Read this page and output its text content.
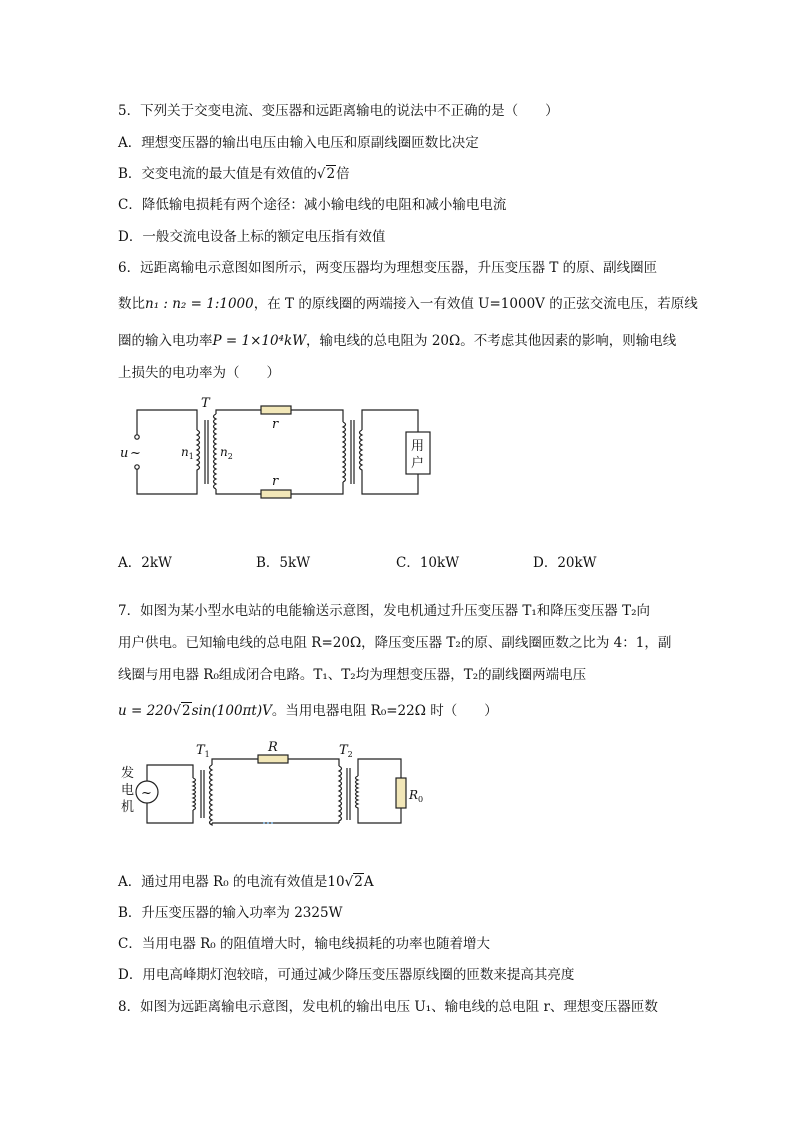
5．下列关于交变电流、变压器和远距离输电的说法中不正确的是（　　）
A．理想变压器的输出电压由输入电压和原副线圈匝数比决定
B．交变电流的最大值是有效值的√2倍
C．降低输电损耗有两个途径：减小输电线的电阻和减小输电电流
D．一般交流电设备上标的额定电压指有效值
6．远距离输电示意图如图所示，两变压器均为理想变压器，升压变压器 T 的原、副线圈匝
数比n₁ : n₂ = 1:1000，在 T 的原线圈的两端接入一有效值 U=1000V 的正弦交流电压，若原线
圈的输入电功率P = 1×10⁴kW，输电线的总电阻为 20Ω。不考虑其他因素的影响，则输电线
上损失的电功率为（　　）
T
u ~	$n_1$ $n_2$
r
r
用
户
A．2kW	B．5kW	C．10kW	D．20kW
7．如图为某小型水电站的电能输送示意图，发电机通过升压变压器 T₁和降压变压器 T₂向
用户供电。已知输电线的总电阻 R=20Ω，降压变压器 T₂的原、副线圈匝数之比为 4：1，副
线圈与用电器 R₀组成闭合电路。T₁、T₂均为理想变压器，T₂的副线圈两端电压
u = 220√2sin(100πt)V。当用电器电阻 R₀=22Ω 时（　　）
~
发
电
机
$T_1$	R	$T_2$
$R_0$
A．通过用电器 R₀ 的电流有效值是10√2A
B．升压变压器的输入功率为 2325W
C．当用电器 R₀ 的阻值增大时，输电线损耗的功率也随着增大
D．用电高峰期灯泡较暗，可通过减少降压变压器原线圈的匝数来提高其亮度
8．如图为远距离输电示意图，发电机的输出电压 U₁、输电线的总电阻 r、理想变压器匝数
